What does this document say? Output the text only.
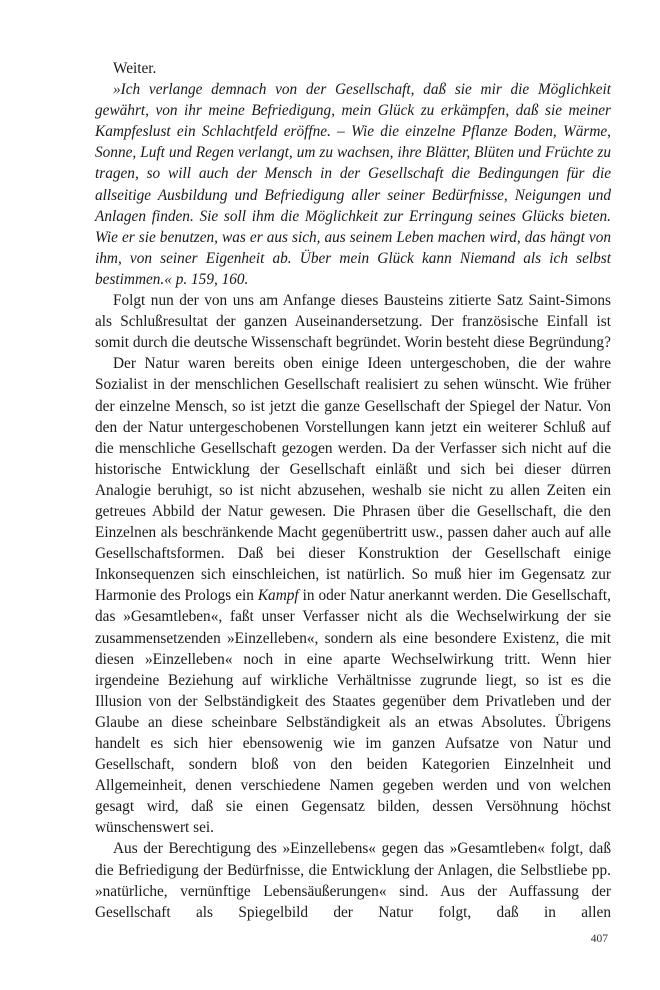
Weiter.

»Ich verlange demnach von der Gesellschaft, daß sie mir die Möglichkeit gewährt, von ihr meine Befriedigung, mein Glück zu erkämpfen, daß sie meiner Kampfeslust ein Schlachtfeld eröffne. – Wie die einzelne Pflanze Boden, Wärme, Sonne, Luft und Regen verlangt, um zu wachsen, ihre Blätter, Blüten und Früchte zu tragen, so will auch der Mensch in der Gesellschaft die Bedingungen für die allseitige Ausbildung und Befriedigung aller seiner Bedürfnisse, Neigungen und Anlagen finden. Sie soll ihm die Möglichkeit zur Erringung seines Glücks bieten. Wie er sie benutzen, was er aus sich, aus seinem Leben machen wird, das hängt von ihm, von seiner Eigenheit ab. Über mein Glück kann Niemand als ich selbst bestimmen.« p. 159, 160.

Folgt nun der von uns am Anfange dieses Bausteins zitierte Satz Saint-Simons als Schlußresultat der ganzen Auseinandersetzung. Der französische Einfall ist somit durch die deutsche Wissenschaft begründet. Worin besteht diese Begründung?

Der Natur waren bereits oben einige Ideen untergeschoben, die der wahre Sozialist in der menschlichen Gesellschaft realisiert zu sehen wünscht. Wie früher der einzelne Mensch, so ist jetzt die ganze Gesellschaft der Spiegel der Natur. Von den der Natur untergeschobenen Vorstellungen kann jetzt ein weiterer Schluß auf die menschliche Gesellschaft gezogen werden. Da der Verfasser sich nicht auf die historische Entwicklung der Gesellschaft einläßt und sich bei dieser dürren Analogie beruhigt, so ist nicht abzusehen, weshalb sie nicht zu allen Zeiten ein getreues Abbild der Natur gewesen. Die Phrasen über die Gesellschaft, die den Einzelnen als beschränkende Macht gegenübertritt usw., passen daher auch auf alle Gesellschaftsformen. Daß bei dieser Konstruktion der Gesellschaft einige Inkonsequenzen sich einschleichen, ist natürlich. So muß hier im Gegensatz zur Harmonie des Prologs ein Kampf in oder Natur anerkannt werden. Die Gesellschaft, das »Gesamtleben«, faßt unser Verfasser nicht als die Wechselwirkung der sie zusammensetzenden »Einzelleben«, sondern als eine besondere Existenz, die mit diesen »Einzelleben« noch in eine aparte Wechselwirkung tritt. Wenn hier irgendeine Beziehung auf wirkliche Verhältnisse zugrunde liegt, so ist es die Illusion von der Selbständigkeit des Staates gegenüber dem Privatleben und der Glaube an diese scheinbare Selbständigkeit als an etwas Absolutes. Übrigens handelt es sich hier ebensowenig wie im ganzen Aufsatze von Natur und Gesellschaft, sondern bloß von den beiden Kategorien Einzelnheit und Allgemeinheit, denen verschiedene Namen gegeben werden und von welchen gesagt wird, daß sie einen Gegensatz bilden, dessen Versöhnung höchst wünschenswert sei.

Aus der Berechtigung des »Einzellebens« gegen das »Gesamtleben« folgt, daß die Befriedigung der Bedürfnisse, die Entwicklung der Anlagen, die Selbstliebe pp. »natürliche, vernünftige Lebensäußerungen« sind. Aus der Auffassung der Gesellschaft als Spiegelbild der Natur folgt, daß in allen

407
